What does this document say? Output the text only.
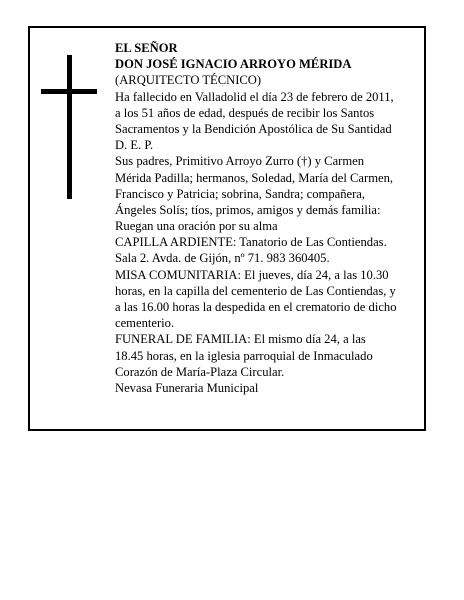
EL SEÑOR
DON JOSÉ IGNACIO ARROYO MÉRIDA
(ARQUITECTO TÉCNICO)
Ha fallecido en Valladolid el día 23 de febrero de 2011,
a los 51 años de edad, después de recibir los Santos
Sacramentos y la Bendición Apostólica de Su Santidad
D. E. P.
Sus padres, Primitivo Arroyo Zurro (†) y Carmen
Mérida Padilla; hermanos, Soledad, María del Carmen,
Francisco y Patricia; sobrina, Sandra; compañera,
Ángeles Solís; tíos, primos, amigos y demás familia:
Ruegan una oración por su alma
CAPILLA ARDIENTE: Tanatorio de Las Contiendas.
Sala 2. Avda. de Gijón, nº 71. 983 360405.
MISA COMUNITARIA: El jueves, día 24, a las 10.30
horas, en la capilla del cementerio de Las Contiendas, y
a las 16.00 horas la despedida en el crematorio de dicho
cementerio.
FUNERAL DE FAMILIA: El mismo día 24, a las
18.45 horas, en la iglesia parroquial de Inmaculado
Corazón de María-Plaza Circular.
Nevasa Funeraria Municipal
